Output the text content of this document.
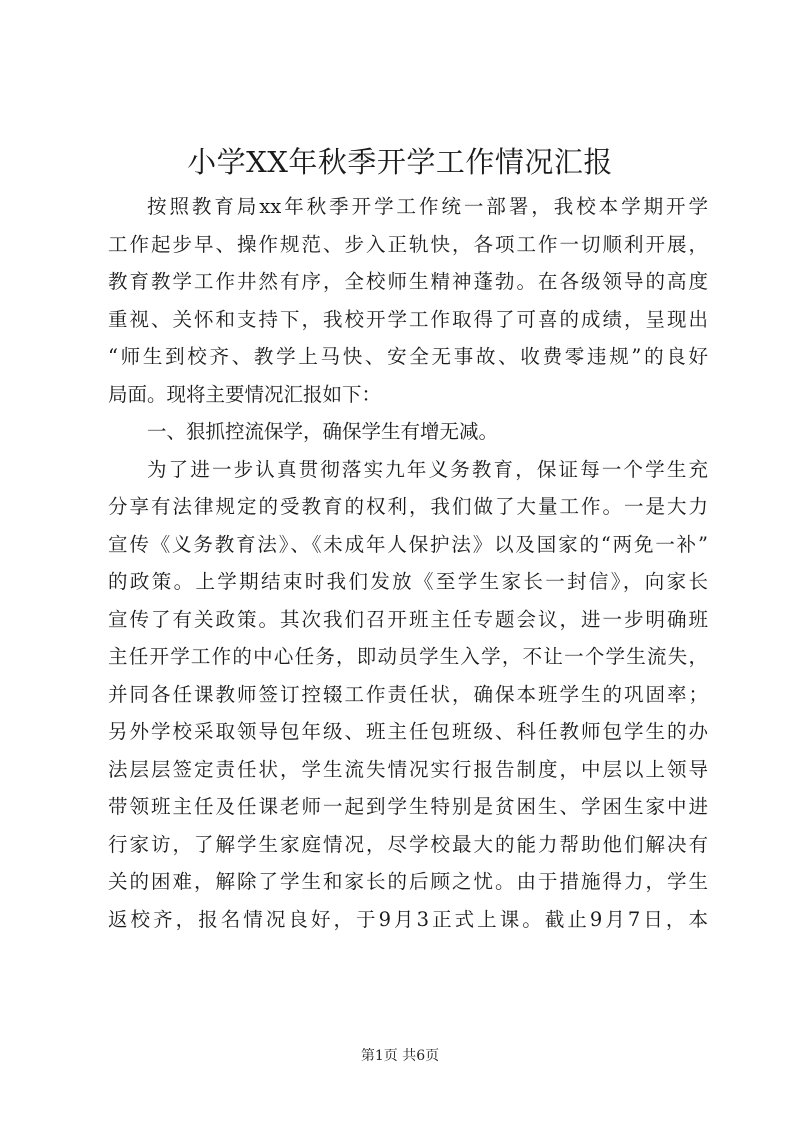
小学XX年秋季开学工作情况汇报
按照教育局xx年秋季开学工作统一部署，我校本学期开学
工作起步早、操作规范、步入正轨快，各项工作一切顺利开展，
教育教学工作井然有序，全校师生精神蓬勃。在各级领导的高度
重视、关怀和支持下，我校开学工作取得了可喜的成绩，呈现出
“师生到校齐、教学上马快、安全无事故、收费零违规”的良好
局面。现将主要情况汇报如下：
一、狠抓控流保学，确保学生有增无减。
为了进一步认真贯彻落实九年义务教育，保证每一个学生充
分享有法律规定的受教育的权利，我们做了大量工作。一是大力
宣传《义务教育法》、《未成年人保护法》以及国家的“两免一补”
的政策。上学期结束时我们发放《至学生家长一封信》，向家长
宣传了有关政策。其次我们召开班主任专题会议，进一步明确班
主任开学工作的中心任务，即动员学生入学，不让一个学生流失，
并同各任课教师签订控辍工作责任状，确保本班学生的巩固率；
另外学校采取领导包年级、班主任包班级、科任教师包学生的办
法层层签定责任状，学生流失情况实行报告制度，中层以上领导
带领班主任及任课老师一起到学生特别是贫困生、学困生家中进
行家访，了解学生家庭情况，尽学校最大的能力帮助他们解决有
关的困难，解除了学生和家长的后顾之忧。由于措施得力，学生
返校齐，报名情况良好，于9月3正式上课。截止9月7日，本
第1页 共6页
